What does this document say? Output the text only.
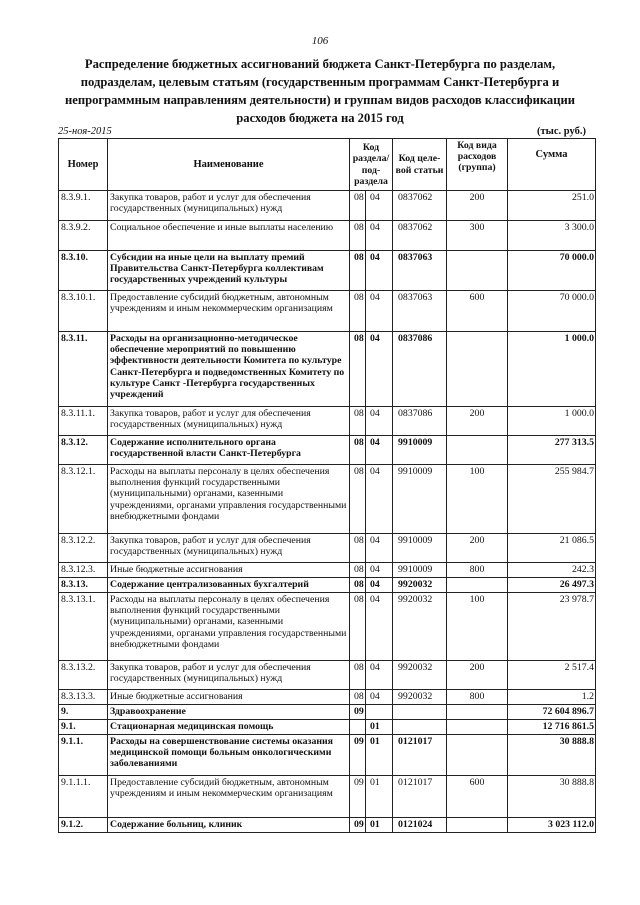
106
Распределение бюджетных ассигнований бюджета Санкт-Петербурга по разделам,
подразделам, целевым статьям (государственным программам Санкт-Петербурга и
непрограммным направлениям деятельности) и группам видов расходов классификации
расходов бюджета на 2015 год
25-ноя-2015	(тыс. руб.)
Номер	Наименование	Код раздела/ под- раздела		Код целе- вой статьи	Код вида расходов (группа)	Сумма
8.3.9.1.	Закупка товаров, работ и услуг для обеспечения государственных (муниципальных) нужд	08	04	0837062	200	251.0
8.3.9.2.	Социальное обеспечение и иные выплаты населению	08	04	0837062	300	3 300.0
8.3.10.	Субсидии на иные цели на выплату премий Правительства Санкт-Петербурга коллективам государственных учреждений культуры	08	04	0837063		70 000.0
8.3.10.1.	Предоставление субсидий бюджетным, автономным учреждениям и иным некоммерческим организациям	08	04	0837063	600	70 000.0
8.3.11.	Расходы на организационно-методическое обеспечение мероприятий по повышению эффективности деятельности Комитета по культуре Санкт-Петербурга и подведомственных Комитету по культуре Санкт -Петербурга государственных учреждений	08	04	0837086		1 000.0
8.3.11.1.	Закупка товаров, работ и услуг для обеспечения государственных (муниципальных) нужд	08	04	0837086	200	1 000.0
8.3.12.	Содержание исполнительного органа государственной власти Санкт-Петербурга	08	04	9910009		277 313.5
8.3.12.1.	Расходы на выплаты персоналу в целях обеспечения выполнения функций государственными (муниципальными) органами, казенными учреждениями, органами управления государственными внебюджетными фондами	08	04	9910009	100	255 984.7
8.3.12.2.	Закупка товаров, работ и услуг для обеспечения государственных (муниципальных) нужд	08	04	9910009	200	21 086.5
8.3.12.3.	Иные бюджетные ассигнования	08	04	9910009	800	242.3
8.3.13.	Содержание централизованных бухгалтерий	08	04	9920032		26 497.3
8.3.13.1.	Расходы на выплаты персоналу в целях обеспечения выполнения функций государственными (муниципальными) органами, казенными учреждениями, органами управления государственными внебюджетными фондами	08	04	9920032	100	23 978.7
8.3.13.2.	Закупка товаров, работ и услуг для обеспечения государственных (муниципальных) нужд	08	04	9920032	200	2 517.4
8.3.13.3.	Иные бюджетные ассигнования	08	04	9920032	800	1.2
9.	Здравоохранение	09				72 604 896.7
9.1.	Стационарная медицинская помощь		01			12 716 861.5
9.1.1.	Расходы на совершенствование системы оказания медицинской помощи больным онкологическими заболеваниями	09	01	0121017		30 888.8
9.1.1.1.	Предоставление субсидий бюджетным, автономным учреждениям и иным некоммерческим организациям	09	01	0121017	600	30 888.8
9.1.2.	Содержание больниц, клиник	09	01	0121024		3 023 112.0
